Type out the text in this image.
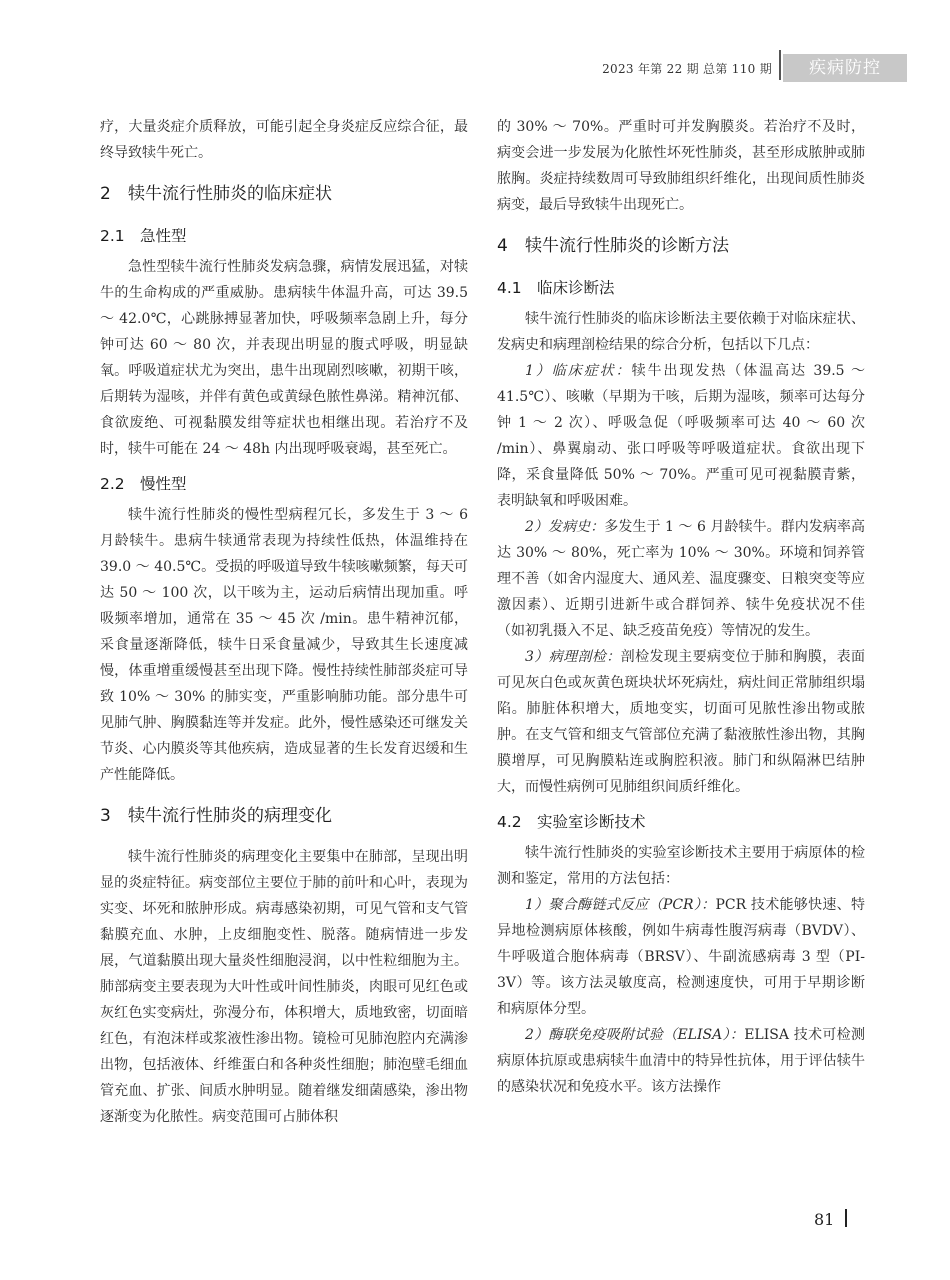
2023 年第 22 期 总第 110 期	疾病防控

疗，大量炎症介质释放，可能引起全身炎症反应综合征，最终导致犊牛死亡。

2 犊牛流行性肺炎的临床症状
2.1 急性型

急性型犊牛流行性肺炎发病急骤，病情发展迅猛，对犊牛的生命构成的严重威胁。患病犊牛体温升高，可达 39.5 ～ 42.0℃，心跳脉搏显著加快，呼吸频率急剧上升，每分钟可达 60 ～ 80 次，并表现出明显的腹式呼吸，明显缺氧。呼吸道症状尤为突出，患牛出现剧烈咳嗽，初期干咳，后期转为湿咳，并伴有黄色或黄绿色脓性鼻涕。精神沉郁、食欲废绝、可视黏膜发绀等症状也相继出现。若治疗不及时，犊牛可能在 24 ～ 48h 内出现呼吸衰竭，甚至死亡。

2.2 慢性型

犊牛流行性肺炎的慢性型病程冗长，多发生于 3 ～ 6 月龄犊牛。患病牛犊通常表现为持续性低热，体温维持在 39.0 ～ 40.5℃。受损的呼吸道导致牛犊咳嗽频繁，每天可达 50 ～ 100 次，以干咳为主，运动后病情出现加重。呼吸频率增加，通常在 35 ～ 45 次 /min。患牛精神沉郁，采食量逐渐降低，犊牛日采食量减少，导致其生长速度减慢，体重增重缓慢甚至出现下降。慢性持续性肺部炎症可导致 10% ～ 30% 的肺实变，严重影响肺功能。部分患牛可见肺气肿、胸膜黏连等并发症。此外，慢性感染还可继发关节炎、心内膜炎等其他疾病，造成显著的生长发育迟缓和生产性能降低。

3 犊牛流行性肺炎的病理变化

犊牛流行性肺炎的病理变化主要集中在肺部，呈现出明显的炎症特征。病变部位主要位于肺的前叶和心叶，表现为实变、坏死和脓肿形成。病毒感染初期，可见气管和支气管黏膜充血、水肿，上皮细胞变性、脱落。随病情进一步发展，气道黏膜出现大量炎性细胞浸润，以中性粒细胞为主。肺部病变主要表现为大叶性或叶间性肺炎，肉眼可见红色或灰红色实变病灶，弥漫分布，体积增大，质地致密，切面暗红色，有泡沫样或浆液性渗出物。镜检可见肺泡腔内充满渗出物，包括液体、纤维蛋白和各种炎性细胞；肺泡壁毛细血管充血、扩张、间质水肿明显。随着继发细菌感染，渗出物逐渐变为化脓性。病变范围可占肺体积

的 30% ～ 70%。严重时可并发胸膜炎。若治疗不及时，病变会进一步发展为化脓性坏死性肺炎，甚至形成脓肿或肺脓胸。炎症持续数周可导致肺组织纤维化，出现间质性肺炎病变，最后导致犊牛出现死亡。

4 犊牛流行性肺炎的诊断方法
4.1 临床诊断法

犊牛流行性肺炎的临床诊断法主要依赖于对临床症状、发病史和病理剖检结果的综合分析，包括以下几点：

1）临床症状：犊牛出现发热（体温高达 39.5 ～ 41.5℃）、咳嗽（早期为干咳，后期为湿咳，频率可达每分钟 1 ～ 2 次）、呼吸急促（呼吸频率可达 40 ～ 60 次 /min）、鼻翼扇动、张口呼吸等呼吸道症状。食欲出现下降，采食量降低 50% ～ 70%。严重可见可视黏膜青紫，表明缺氧和呼吸困难。

2）发病史：多发生于 1 ～ 6 月龄犊牛。群内发病率高达 30% ～ 80%，死亡率为 10% ～ 30%。环境和饲养管理不善（如舍内湿度大、通风差、温度骤变、日粮突变等应激因素）、近期引进新牛或合群饲养、犊牛免疫状况不佳（如初乳摄入不足、缺乏疫苗免疫）等情况的发生。

3）病理剖检：剖检发现主要病变位于肺和胸膜，表面可见灰白色或灰黄色斑块状坏死病灶，病灶间正常肺组织塌陷。肺脏体积增大，质地变实，切面可见脓性渗出物或脓肿。在支气管和细支气管部位充满了黏液脓性渗出物，其胸膜增厚，可见胸膜粘连或胸腔积液。肺门和纵隔淋巴结肿大，而慢性病例可见肺组织间质纤维化。

4.2 实验室诊断技术

犊牛流行性肺炎的实验室诊断技术主要用于病原体的检测和鉴定，常用的方法包括：

1）聚合酶链式反应（PCR）：PCR 技术能够快速、特异地检测病原体核酸，例如牛病毒性腹泻病毒（BVDV）、牛呼吸道合胞体病毒（BRSV）、牛副流感病毒 3 型（PI-3V）等。该方法灵敏度高，检测速度快，可用于早期诊断和病原体分型。

2）酶联免疫吸附试验（ELISA）：ELISA 技术可检测病原体抗原或患病犊牛血清中的特异性抗体，用于评估犊牛的感染状况和免疫水平。该方法操作

81
